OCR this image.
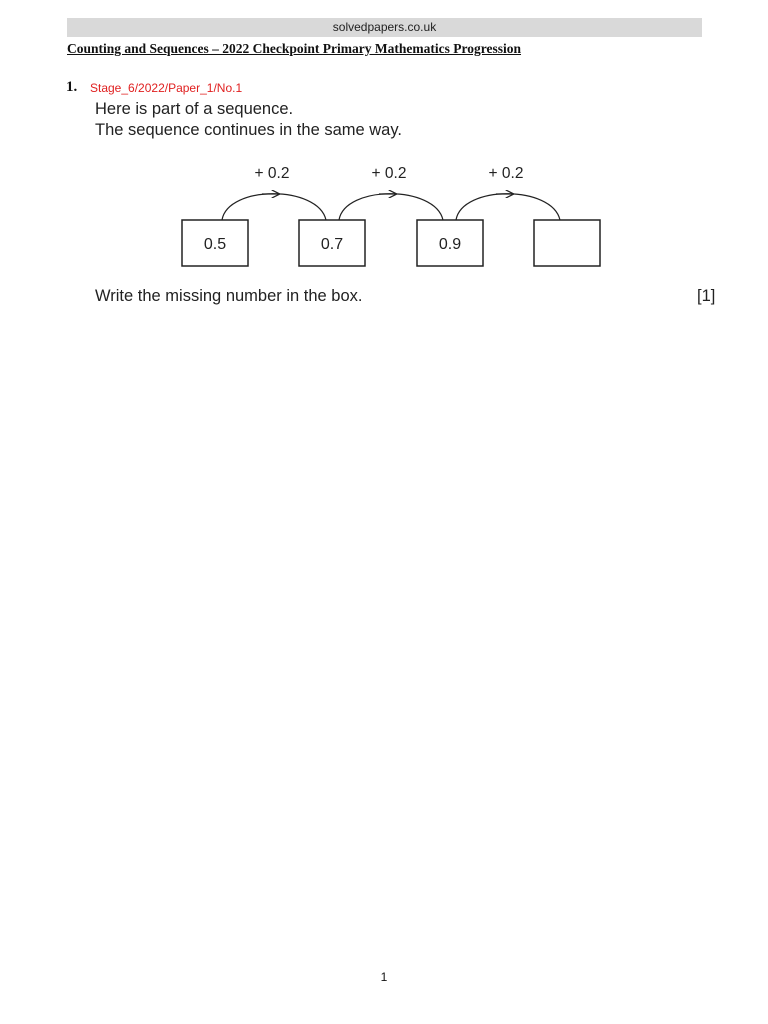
solvedpapers.co.uk
Counting and Sequences – 2022 Checkpoint Primary Mathematics Progression
1. Stage_6/2022/Paper_1/No.1
Here is part of a sequence.
The sequence continues in the same way.
+ 0.2	+ 0.2	+ 0.2
0.5	0.7	0.9
Write the missing number in the box.	[1]
1
